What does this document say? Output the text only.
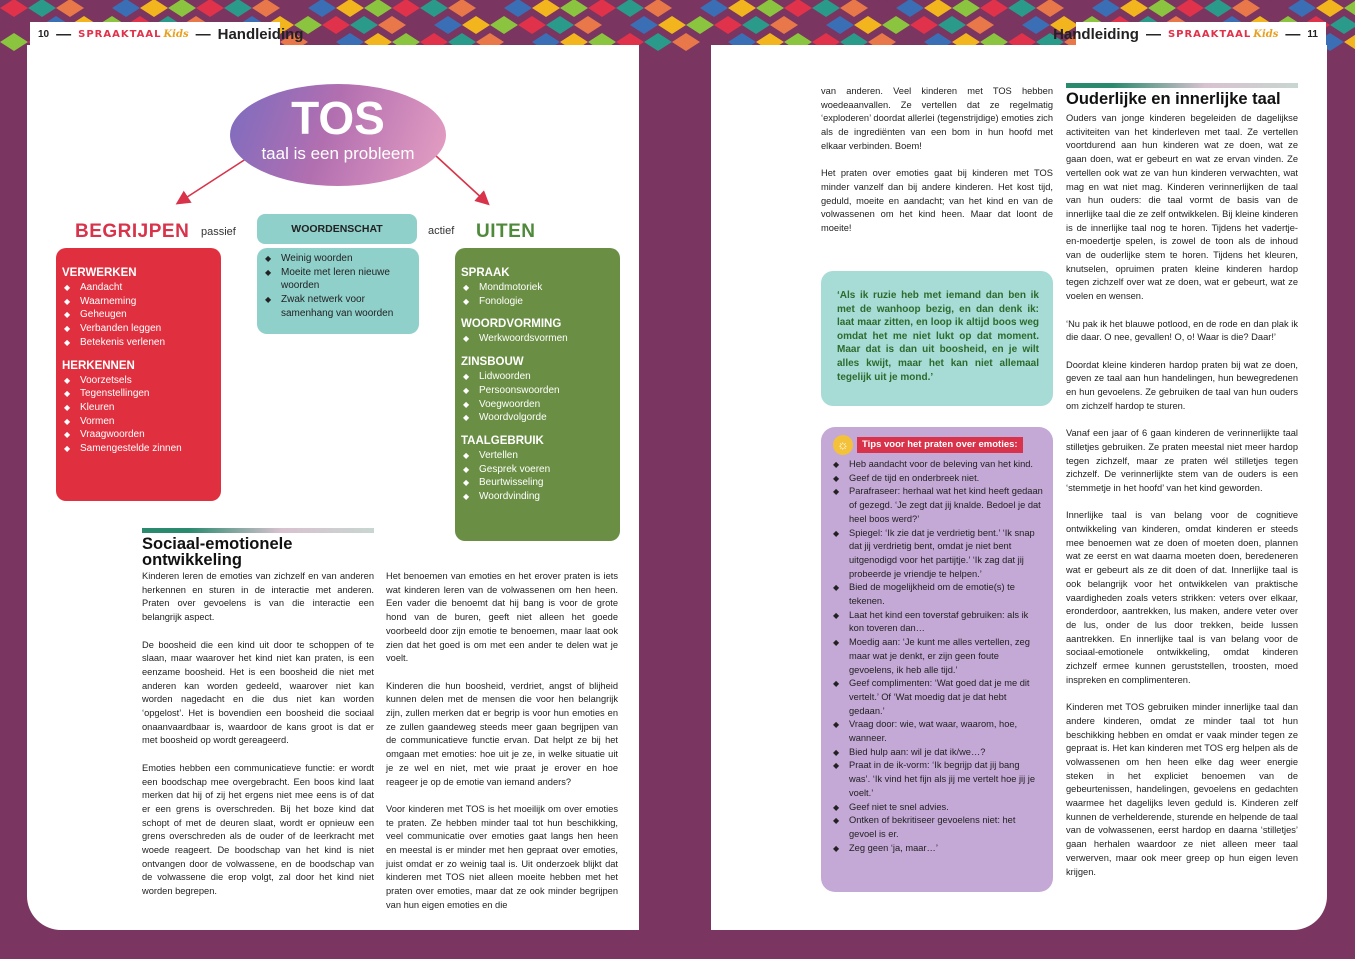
TOS
taal is een probleem
BEGRIJPEN passief	actief UITEN
WOORDENSCHAT
◆ Weinig woorden
◆ Moeite met leren nieuwe woorden
◆ Zwak netwerk voor samenhang van woorden
VERWERKEN
◆ Aandacht
◆ Waarneming
◆ Geheugen
◆ Verbanden leggen
◆ Betekenis verlenen
HERKENNEN
◆ Voorzetsels
◆ Tegenstellingen
◆ Kleuren
◆ Vormen
◆ Vraagwoorden
◆ Samengestelde zinnen
SPRAAK
◆ Mondmotoriek
◆ Fonologie
WOORDVORMING
◆ Werkwoordsvormen
ZINSBOUW
◆ Lidwoorden
◆ Persoonswoorden
◆ Voegwoorden
◆ Woordvolgorde
TAALGEBRUIK
◆ Vertellen
◆ Gesprek voeren
◆ Beurtwisseling
◆ Woordvinding
Sociaal-emotionele ontwikkeling

Kinderen leren de emoties van zichzelf en van anderen herkennen en sturen in de interactie met anderen. Praten over gevoelens is van die interactie een belangrijk aspect.

De boosheid die een kind uit door te schoppen of te slaan, maar waarover het kind niet kan praten, is een eenzame boosheid. Het is een boosheid die niet met anderen kan worden gedeeld, waarover niet kan worden nagedacht en die dus niet kan worden ‘opgelost’. Het is bovendien een boosheid die sociaal onaanvaardbaar is, waardoor de kans groot is dat er met boosheid op wordt gereageerd.

Emoties hebben een communicatieve functie: er wordt een boodschap mee overgebracht. Een boos kind laat merken dat hij of zij het ergens niet mee eens is of dat er een grens is overschreden. Bij het boze kind dat schopt of met de deuren slaat, wordt er opnieuw een grens overschreden als de ouder of de leerkracht met woede reageert. De boodschap van het kind is niet ontvangen door de volwassene, en de boodschap van de volwassene die erop volgt, zal door het kind niet worden begrepen.

Het benoemen van emoties en het erover praten is iets wat kinderen leren van de volwassenen om hen heen. Een vader die benoemt dat hij bang is voor de grote hond van de buren, geeft niet alleen het goede voorbeeld door zijn emotie te benoemen, maar laat ook zien dat het goed is om met een ander te delen wat je voelt.

Kinderen die hun boosheid, verdriet, angst of blijheid kunnen delen met de mensen die voor hen belangrijk zijn, zullen merken dat er begrip is voor hun emoties en ze zullen gaandeweg steeds meer gaan begrijpen van de communicatieve functie ervan. Dat helpt ze bij het omgaan met emoties: hoe uit je ze, in welke situatie uit je ze wel en niet, met wie praat je erover en hoe reageer je op de emotie van iemand anders?

Voor kinderen met TOS is het moeilijk om over emoties te praten. Ze hebben minder taal tot hun beschikking, veel communicatie over emoties gaat langs hen heen en meestal is er minder met hen gepraat over emoties, juist omdat er zo weinig taal is. Uit onderzoek blijkt dat kinderen met TOS niet alleen moeite hebben met het praten over emoties, maar dat ze ook minder begrijpen van hun eigen emoties en die

van anderen. Veel kinderen met TOS hebben woedeaanvallen. Ze vertellen dat ze regelmatig ‘exploderen’ doordat allerlei (tegenstrijdige) emoties zich als de ingrediënten van een bom in hun hoofd met elkaar verbinden. Boem!

Het praten over emoties gaat bij kinderen met TOS minder vanzelf dan bij andere kinderen. Het kost tijd, geduld, moeite en aandacht; van het kind en van de volwassenen om het kind heen. Maar dat loont de moeite!

‘Als ik ruzie heb met iemand dan ben ik met de wanhoop bezig, en dan denk ik: laat maar zitten, en loop ik altijd boos weg omdat het me niet lukt op dat moment. Maar dat is dan uit boosheid, en je wilt alles kwijt, maar het kan niet allemaal tegelijk uit je mond.’
☼	Tips voor het praten over emoties:
◆ Heb aandacht voor de beleving van het kind.
◆ Geef de tijd en onderbreek niet.
◆ Parafraseer: herhaal wat het kind heeft gedaan of gezegd. ‘Je zegt dat jij knalde. Bedoel je dat heel boos werd?’
◆ Spiegel: ‘Ik zie dat je verdrietig bent.’ ‘Ik snap dat jij verdrietig bent, omdat je niet bent uitgenodigd voor het partijtje.’ ‘Ik zag dat jij probeerde je vriendje te helpen.’
◆ Bied de mogelijkheid om de emotie(s) te tekenen.
◆ Laat het kind een toverstaf gebruiken: als ik kon toveren dan…
◆ Moedig aan: ‘Je kunt me alles vertellen, zeg maar wat je denkt, er zijn geen foute gevoelens, ik heb alle tijd.’
◆ Geef complimenten: ‘Wat goed dat je me dit vertelt.’ Of ‘Wat moedig dat je dat hebt gedaan.’
◆ Vraag door: wie, wat waar, waarom, hoe, wanneer.
◆ Bied hulp aan: wil je dat ik/we…?
◆ Praat in de ik-vorm: ‘Ik begrijp dat jij bang was’. ‘Ik vind het fijn als jij me vertelt hoe jij je voelt.’
◆ Geef niet te snel advies.
◆ Ontken of bekritiseer gevoelens niet: het gevoel is er.
◆ Zeg geen ‘ja, maar…’
Ouderlijke en innerlijke taal

Ouders van jonge kinderen begeleiden de dagelijkse activiteiten van het kinderleven met taal. Ze vertellen voortdurend aan hun kinderen wat ze doen, wat ze gaan doen, wat er gebeurt en wat ze ervan vinden. Ze vertellen ook wat ze van hun kinderen verwachten, wat mag en wat niet mag. Kinderen verinnerlijken de taal van hun ouders: die taal vormt de basis van de innerlijke taal die ze zelf ontwikkelen. Bij kleine kinderen is de innerlijke taal nog te horen. Tijdens het vadertje-en-moedertje spelen, is zowel de toon als de inhoud van de ouderlijke stem te horen. Tijdens het kleuren, knutselen, opruimen praten kleine kinderen hardop tegen zichzelf over wat ze doen, wat er gebeurt, wat ze voelen en wensen.

‘Nu pak ik het blauwe potlood, en de rode en dan plak ik die daar. O nee, gevallen! O, o! Waar is die? Daar!’

Doordat kleine kinderen hardop praten bij wat ze doen, geven ze taal aan hun handelingen, hun bewegredenen en hun gevoelens. Ze gebruiken de taal van hun ouders om zichzelf hardop te sturen.

Vanaf een jaar of 6 gaan kinderen de verinnerlijkte taal stilletjes gebruiken. Ze praten meestal niet meer hardop tegen zichzelf, maar ze praten wél stilletjes tegen zichzelf. De verinnerlijkte stem van de ouders is een ‘stemmetje in het hoofd’ van het kind geworden.

Innerlijke taal is van belang voor de cognitieve ontwikkeling van kinderen, omdat kinderen er steeds mee benoemen wat ze doen of moeten doen, plannen wat ze eerst en wat daarna moeten doen, beredeneren wat er gebeurt als ze dit doen of dat. Innerlijke taal is ook belangrijk voor het ontwikkelen van praktische vaardigheden zoals veters strikken: veters over elkaar, eronderdoor, aantrekken, lus maken, andere veter over de lus, onder de lus door trekken, beide lussen aantrekken. En innerlijke taal is van belang voor de sociaal-emotionele ontwikkeling, omdat kinderen zichzelf ermee kunnen geruststellen, troosten, moed inspreken en complimenteren.

Kinderen met TOS gebruiken minder innerlijke taal dan andere kinderen, omdat ze minder taal tot hun beschikking hebben en omdat er vaak minder tegen ze gepraat is. Het kan kinderen met TOS erg helpen als de volwassenen om hen heen elke dag weer energie steken in het expliciet benoemen van de gebeurtenissen, handelingen, gevoelens en gedachten waarmee het dagelijks leven geduld is. Kinderen zelf kunnen de verhelderende, sturende en helpende de taal van de volwassenen, eerst hardop en daarna ‘stilletjes’ gaan herhalen waardoor ze niet alleen meer taal verwerven, maar ook meer greep op hun eigen leven krijgen.

10 — SPRAAKTAAL Kids — Handleiding	Handleiding — SPRAAKTAAL Kids — 11
